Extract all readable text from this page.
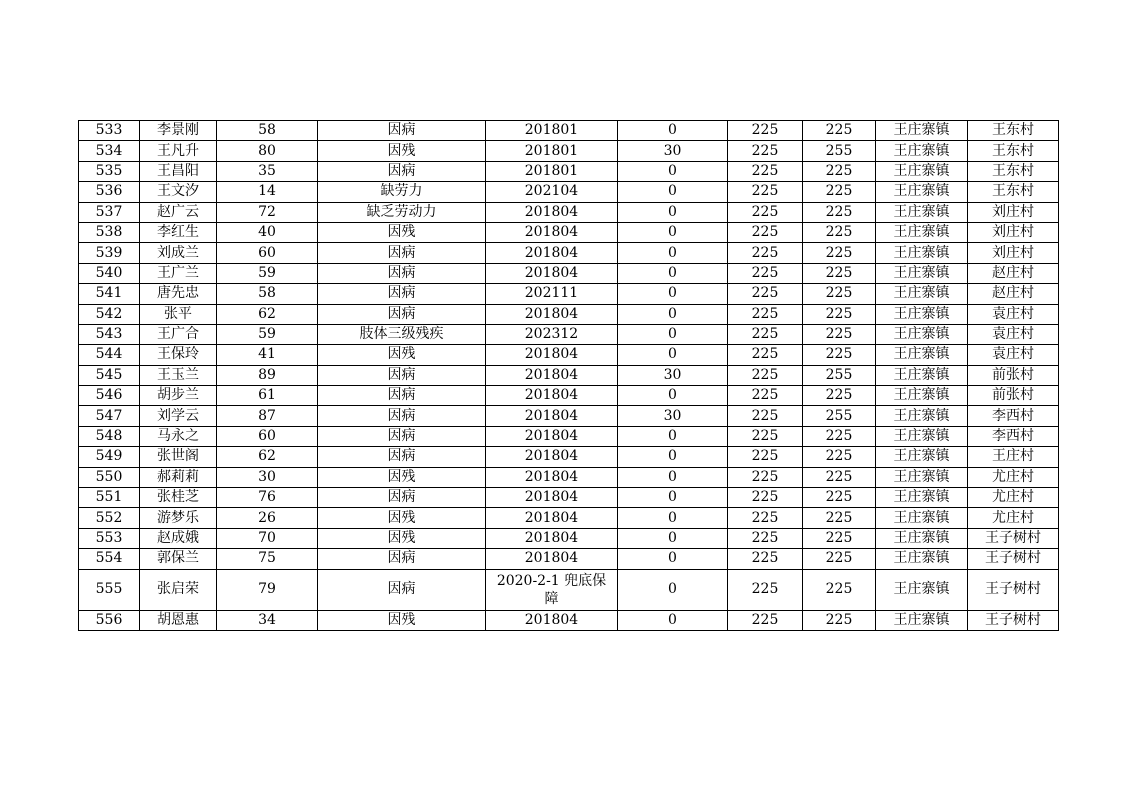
533	李景刚	58	因病	201801	0	225	225	王庄寨镇	王东村
534	王凡升	80	因残	201801	30	225	255	王庄寨镇	王东村
535	王昌阳	35	因病	201801	0	225	225	王庄寨镇	王东村
536	王文汐	14	缺劳力	202104	0	225	225	王庄寨镇	王东村
537	赵广云	72	缺乏劳动力	201804	0	225	225	王庄寨镇	刘庄村
538	李红生	40	因残	201804	0	225	225	王庄寨镇	刘庄村
539	刘成兰	60	因病	201804	0	225	225	王庄寨镇	刘庄村
540	王广兰	59	因病	201804	0	225	225	王庄寨镇	赵庄村
541	唐先忠	58	因病	202111	0	225	225	王庄寨镇	赵庄村
542	张平	62	因病	201804	0	225	225	王庄寨镇	袁庄村
543	王广合	59	肢体三级残疾	202312	0	225	225	王庄寨镇	袁庄村
544	王保玲	41	因残	201804	0	225	225	王庄寨镇	袁庄村
545	王玉兰	89	因病	201804	30	225	255	王庄寨镇	前张村
546	胡步兰	61	因病	201804	0	225	225	王庄寨镇	前张村
547	刘学云	87	因病	201804	30	225	255	王庄寨镇	李西村
548	马永之	60	因病	201804	0	225	225	王庄寨镇	李西村
549	张世阁	62	因病	201804	0	225	225	王庄寨镇	王庄村
550	郝莉莉	30	因残	201804	0	225	225	王庄寨镇	尤庄村
551	张桂芝	76	因病	201804	0	225	225	王庄寨镇	尤庄村
552	游梦乐	26	因残	201804	0	225	225	王庄寨镇	尤庄村
553	赵成娥	70	因残	201804	0	225	225	王庄寨镇	王子树村
554	郭保兰	75	因病	201804	0	225	225	王庄寨镇	王子树村
555	张启荣	79	因病	2020-2-1 兜底保障	0	225	225	王庄寨镇	王子树村
556	胡恩惠	34	因残	201804	0	225	225	王庄寨镇	王子树村
